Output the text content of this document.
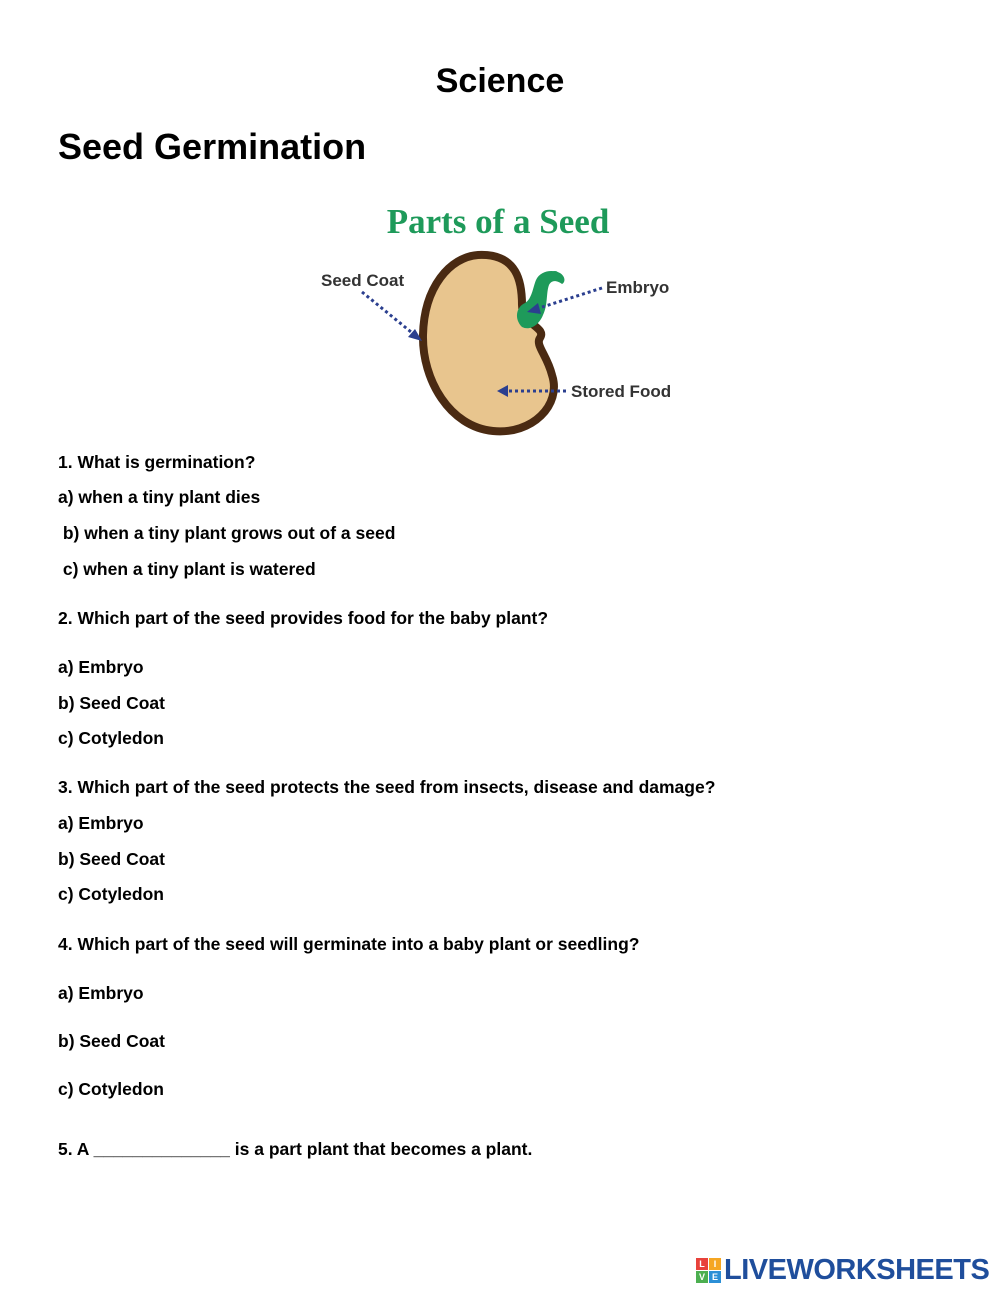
Science
Seed Germination
Parts of a Seed
Seed Coat	Embryo
Stored Food
1. What is germination?
a) when a tiny plant dies
b) when a tiny plant grows out of a seed
c) when a tiny plant is watered
2. Which part of the seed provides food for the baby plant?
a) Embryo
b) Seed Coat
c) Cotyledon
3. Which part of the seed protects the seed from insects, disease and damage?
a) Embryo
b) Seed Coat
c) Cotyledon
4. Which part of the seed will germinate into a baby plant or seedling?
a) Embryo
b) Seed Coat
c) Cotyledon
5. A ______________ is a part plant that becomes a plant.
L I
V E LIVEWORKSHEETS
